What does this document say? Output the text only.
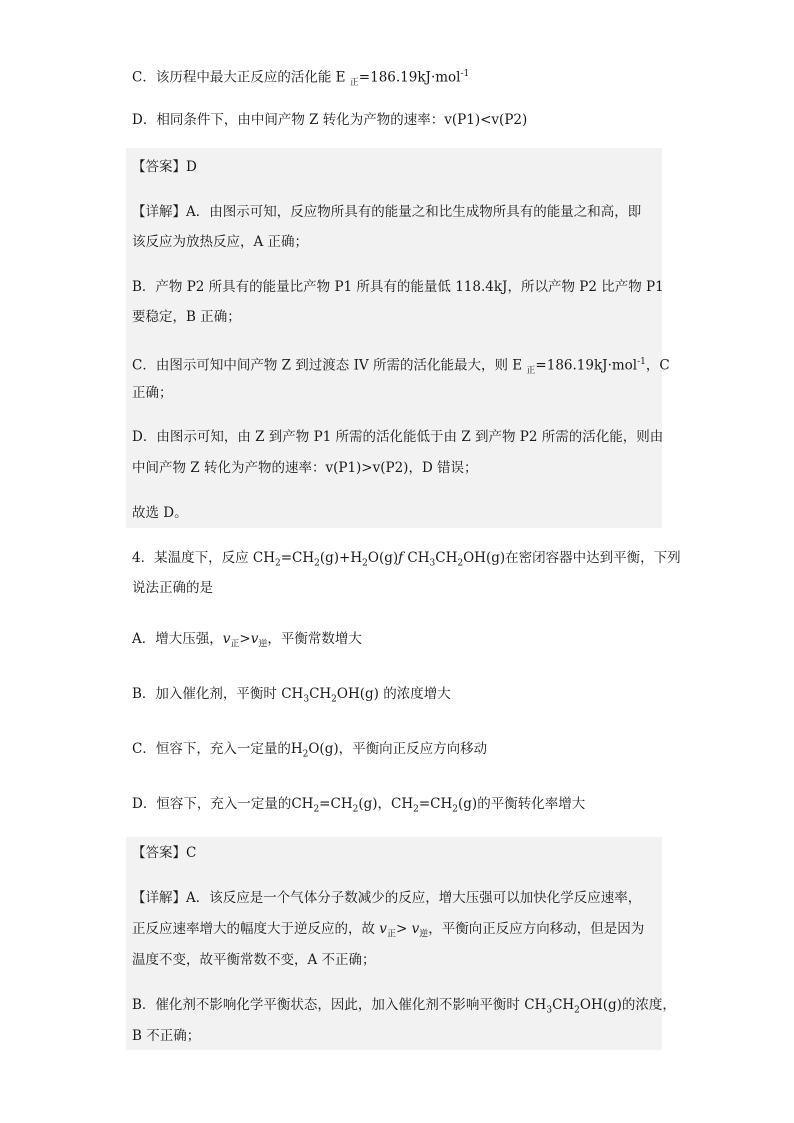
C．该历程中最大正反应的活化能 E $_正$=186.19kJ·mol$^{-1}$
D．相同条件下，由中间产物 Z 转化为产物的速率：v(P1)<v(P2)
【答案】D
【详解】A．由图示可知，反应物所具有的能量之和比生成物所具有的能量之和高，即
该反应为放热反应，A 正确；
B．产物 P2 所具有的能量比产物 P1 所具有的能量低 118.4kJ，所以产物 P2 比产物 P1
要稳定，B 正确；
C．由图示可知中间产物 Z 到过渡态 IV 所需的活化能最大，则 E $_正$=186.19kJ·mol$^{-1}$，C
正确；
D．由图示可知，由 Z 到产物 P1 所需的活化能低于由 Z 到产物 P2 所需的活化能，则由
中间产物 Z 转化为产物的速率：v(P1)>v(P2)，D 错误；
故选 D。
4．某温度下，反应 $CH_2=CH_2(g)+H_2O(g)ƒ$ $CH_3CH_2OH(g)$在密闭容器中达到平衡，下列
说法正确的是
A．增大压强，$v_正>v_逆$，平衡常数增大
B．加入催化剂，平衡时 $CH_3CH_2OH(g)$ 的浓度增大
C．恒容下，充入一定量的$H_2O(g)$，平衡向正反应方向移动
D．恒容下，充入一定量的$CH_2=CH_2(g)$，$CH_2=CH_2(g)$的平衡转化率增大
【答案】C
【详解】A．该反应是一个气体分子数减少的反应，增大压强可以加快化学反应速率，
正反应速率增大的幅度大于逆反应的，故 $v_正> v_逆$，平衡向正反应方向移动，但是因为
温度不变，故平衡常数不变，A 不正确；
B．催化剂不影响化学平衡状态，因此，加入催化剂不影响平衡时 $CH_3CH_2OH(g)$的浓度，
B 不正确；
